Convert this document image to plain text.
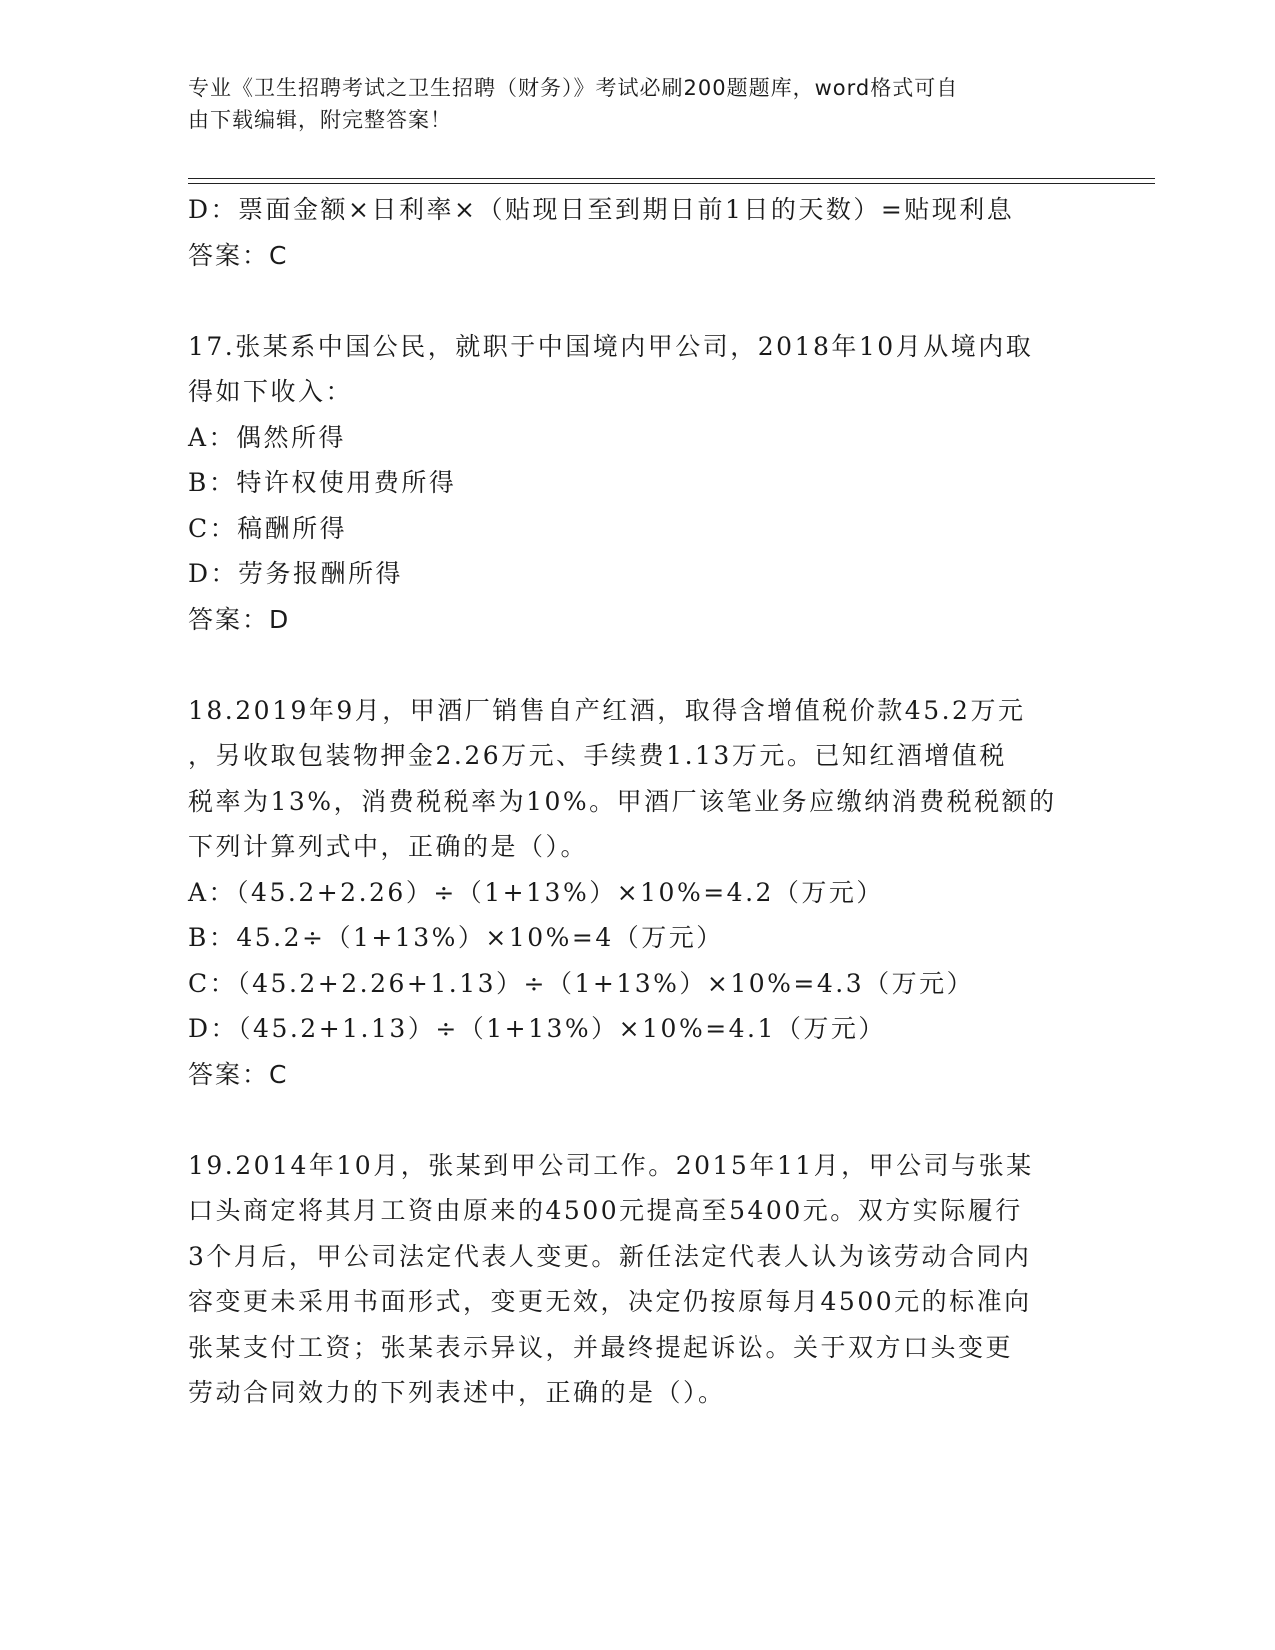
专业《卫生招聘考试之卫生招聘（财务）》考试必刷200题题库，word格式可自
由下载编辑，附完整答案！
D：票面金额×日利率×（贴现日至到期日前1日的天数）=贴现利息
答案：C
17.张某系中国公民，就职于中国境内甲公司，2018年10月从境内取
得如下收入：
A：偶然所得
B：特许权使用费所得
C：稿酬所得
D：劳务报酬所得
答案：D
18.2019年9月，甲酒厂销售自产红酒，取得含增值税价款45.2万元
，另收取包装物押金2.26万元、手续费1.13万元。已知红酒增值税
税率为13%，消费税税率为10%。甲酒厂该笔业务应缴纳消费税税额的
下列计算列式中，正确的是（）。
A：（45.2+2.26）÷（1+13%）×10%=4.2（万元）
B：45.2÷（1+13%）×10%=4（万元）
C：（45.2+2.26+1.13）÷（1+13%）×10%=4.3（万元）
D：（45.2+1.13）÷（1+13%）×10%=4.1（万元）
答案：C
19.2014年10月，张某到甲公司工作。2015年11月，甲公司与张某
口头商定将其月工资由原来的4500元提高至5400元。双方实际履行
3个月后，甲公司法定代表人变更。新任法定代表人认为该劳动合同内
容变更未采用书面形式，变更无效，决定仍按原每月4500元的标准向
张某支付工资；张某表示异议，并最终提起诉讼。关于双方口头变更
劳动合同效力的下列表述中，正确的是（）。
